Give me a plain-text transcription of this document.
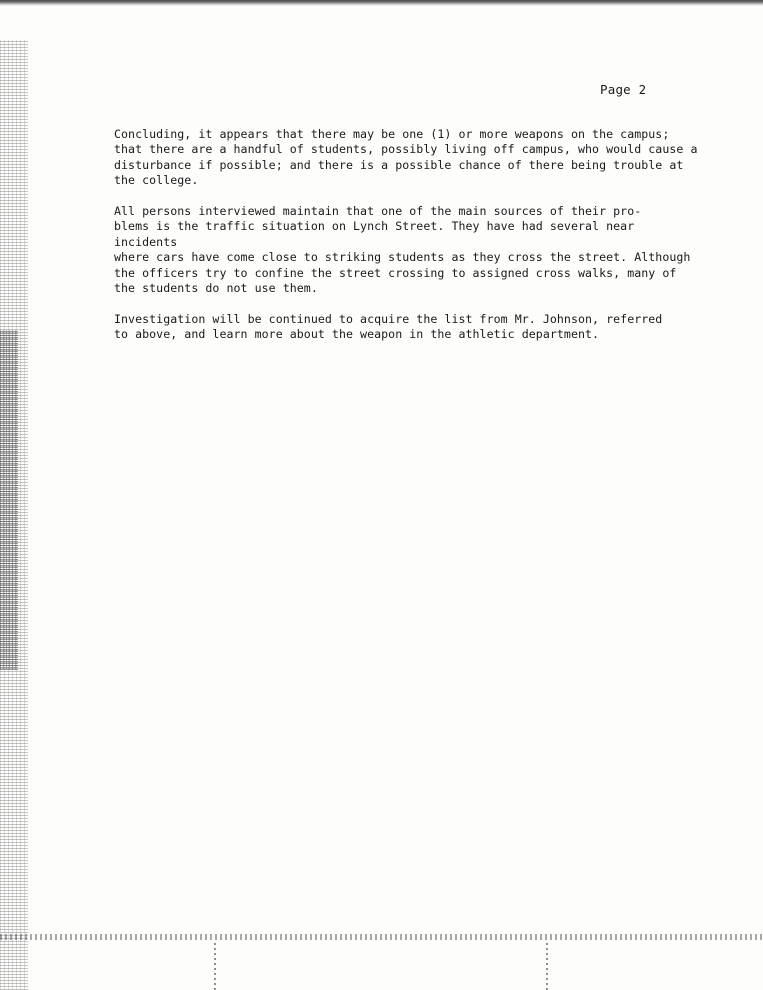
Page 2

Concluding, it appears that there may be one (1) or more weapons on the campus;
that there are a handful of students, possibly living off campus, who would cause a
disturbance if possible; and there is a possible chance of there being trouble at
the college.

All persons interviewed maintain that one of the main sources of their pro-
blems is the traffic situation on Lynch Street. They have had several near incidents
where cars have come close to striking students as they cross the street. Although
the officers try to confine the street crossing to assigned cross walks, many of
the students do not use them.

Investigation will be continued to acquire the list from Mr. Johnson, referred
to above, and learn more about the weapon in the athletic department.
